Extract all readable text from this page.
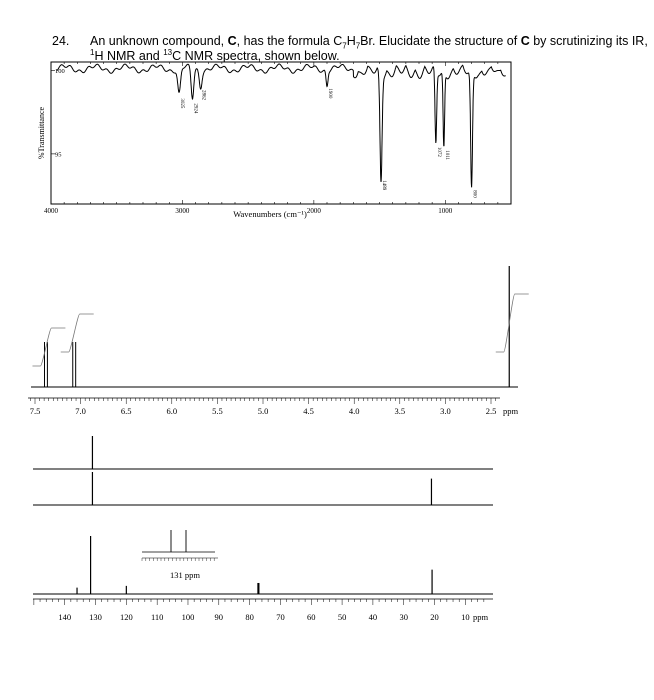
24. An unknown compound, C, has the formula $C_7H_7Br$. Elucidate the structure of C by scrutinizing its IR,
$^1$H NMR and $^{13}$C NMR spectra, shown below.
3025
2924
2862	1900
1489
1072 1011
800
4000	3000	2000	1000
100
95
Wavenumbers (cm⁻¹)
%Transmittance
7.5	7.0	6.5	6.0	5.5	5.0	4.5	4.0	3.5	3.0	2.5 ppm
131 ppm
140 130 120 110 100 90	80	70	60	50	40	30	20	10 ppm
